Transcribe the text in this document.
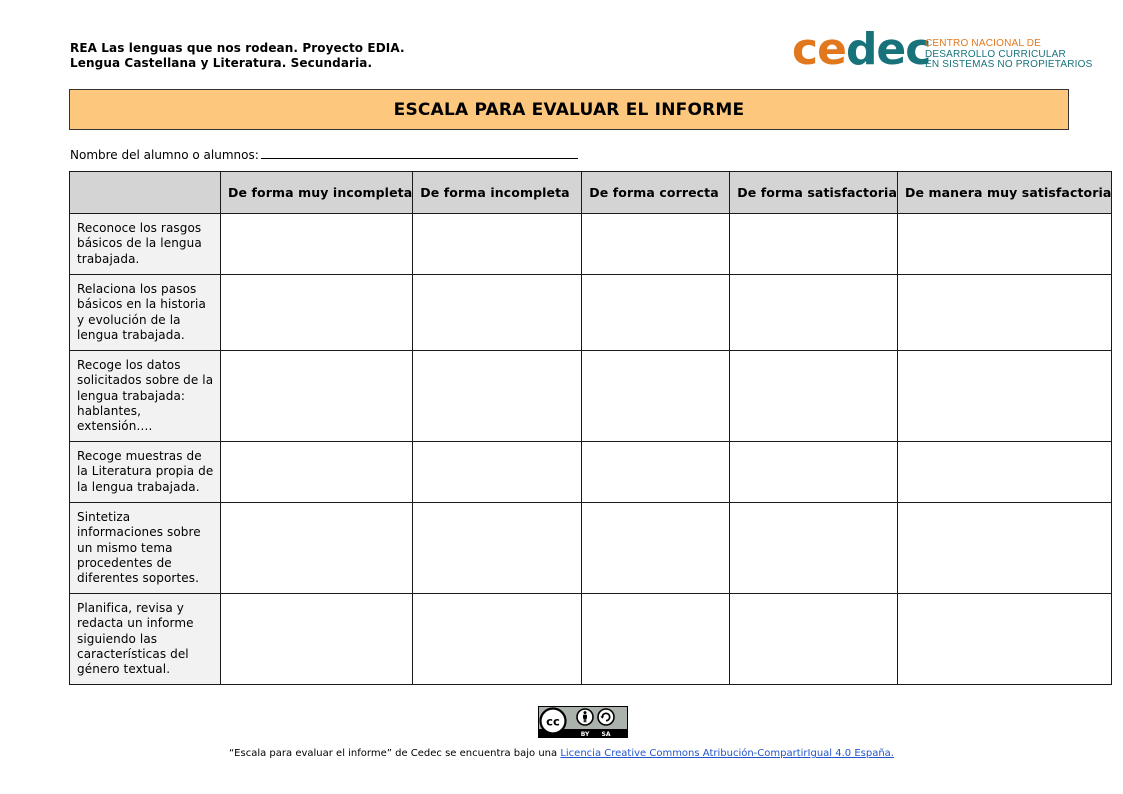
REA Las lenguas que nos rodean. Proyecto EDIA.
Lengua Castellana y Literatura. Secundaria.	cedec
CENTRO NACIONAL DE
DESARROLLO CURRICULAR
EN SISTEMAS NO PROPIETARIOS
ESCALA PARA EVALUAR EL INFORME
Nombre del alumno o alumnos:
	De forma muy incompleta	De forma incompleta	De forma correcta	De forma satisfactoria	De manera muy satisfactoria
Reconoce los rasgos básicos de la lengua trabajada.					
Relaciona los pasos básicos en la historia y evolución de la lengua trabajada.					
Recoge los datos solicitados sobre de la lengua trabajada: hablantes, extensión….					
Recoge muestras de la Literatura propia de la lengua trabajada.					
Sintetiza informaciones sobre un mismo tema procedentes de diferentes soportes.					
Planifica, revisa y redacta un informe siguiendo las características del género textual.					
cc
BY SA
“Escala para evaluar el informe” de Cedec se encuentra bajo una Licencia Creative Commons Atribución-CompartirIgual 4.0 España.
